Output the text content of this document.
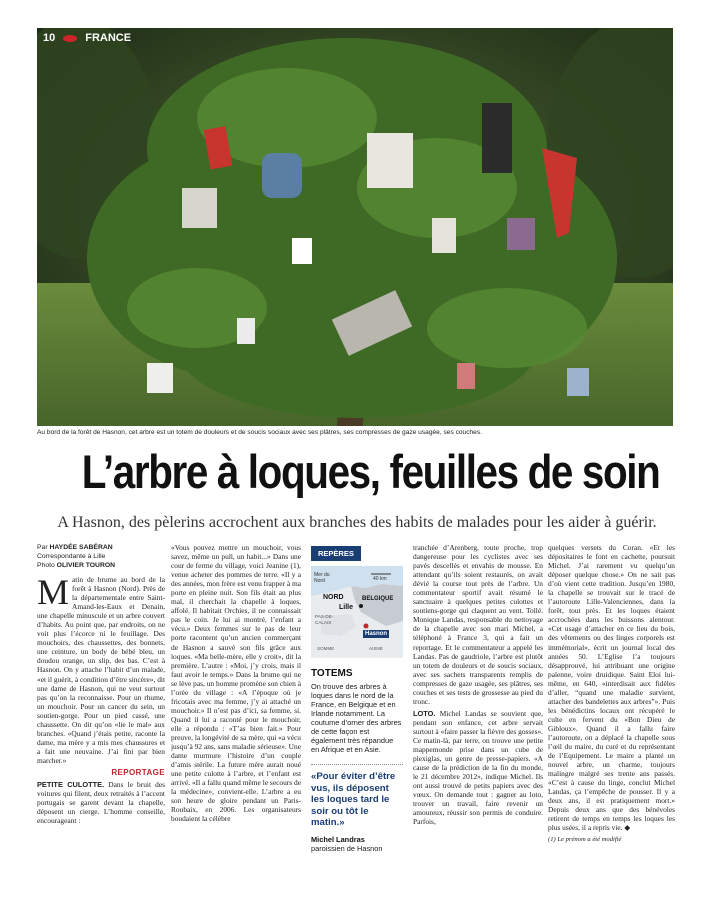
10	FRANCE
Au bord de la forêt de Hasnon, cet arbre est un totem de douleurs et de soucis sociaux avec ses plâtres, ses compresses de gaze usagée, ses couches.
L’arbre à loques, feuilles de soin
A Hasnon, des pèlerins accrochent aux branches des habits de malades pour les aider à guérir.
Par HAYDÉE SABÉRAN
Correspondante à Lille
Photo OLIVIER TOURON

M atin de brume au bord de la forêt à Hasnon (Nord). Près de la départementale entre Saint-Amand-les-Eaux et Denain, une chapelle minuscule et un arbre couvert d’habits. Au point que, par endroits, on ne voit plus l’écorce ni le feuillage. Des mouchoirs, des chaussettes, des bonnets, une ceinture, un body de bébé bleu, un doudou orange, un slip, des bas. C’est à Hasnon. On y attache l’habit d’un malade, «et il guérit, à condition d’être sincère», dit une dame de Hasnon, qui ne veut surtout pas qu’on la reconnaisse. Pour un rhume, un mouchoir. Pour un cancer du sein, un soutien-gorge. Pour un pied cassé, une chaussette. On dit qu’on «lie le mal» aux branches. «Quand j’étais petite, raconte la dame, ma mère y a mis mes chaussures et a fait une neuvaine. J’ai fini par bien marcher.»

REPORTAGE

PETITE CULOTTE. Dans le bruit des voitures qui filent, deux retraités à l’accent portugais se garent devant la chapelle, déposent un cierge. L’homme conseille, encourageant :

«Vous pouvez mettre un mouchoir, vous savez, même un pull, un habit...» Dans une cour de ferme du village, voici Jeanine (1), venue acheter des pommes de terre. «Il y a des années, mon frère est venu frapper à ma porte en pleine nuit. Son fils était au plus mal, il cherchait la chapelle à loques, affolé. Il habitait Orchies, il ne connaissait pas le coin. Je lui ai montré, l’enfant a vécu.» Deux femmes sur le pas de leur porte racontent qu’un ancien commerçant de Hasnon a sauvé son fils grâce aux loques. «Ma belle-mère, elle y croit», dit la première. L’autre : «Moi, j’y crois, mais il faut avoir le temps.» Dans la brume qui ne se lève pas, un homme promène son chien à l’orée du village : «A l’époque où je fricotais avec ma femme, j’y ai attaché un mouchoir.» Il n’est pas d’ici, sa femme, si. Quand il lui a raconté pour le mouchoir, elle a répondu : «T’as bien fait.» Pour preuve, la longévité de sa mère, qui «a vécu jusqu’à 92 ans, sans maladie sérieuse». Une dame murmure l’histoire d’un couple d’amis stérile. La future mère aurait noué une petite culotte à l’arbre, et l’enfant est arrivé. «Il a fallu quand même le secours de la médecine», convient-elle. L’arbre a eu son heure de gloire pendant un Paris-Roubaix, en 2006. Les organisateurs boudaient la célèbre

REPÈRES
Mer du Nord	40 km
NORD
Lille
BELGIQUE
PAS-DE-CALAIS
Hasnon
SOMME	AISNE
TOTEMS
On trouve des arbres à loques dans le nord de la France, en Belgique et en Irlande notamment. La coutume d’orner des arbres de cette façon est également très répandue en Afrique et en Asie.
«Pour éviter d’être vus, ils déposent les loques tard le soir ou tôt le matin.»
Michel Landras
paroissien de Hasnon

tranchée d’Arenberg, toute proche, trop dangereuse pour les cyclistes avec ses pavés descellés et envahis de mousse. En attendant qu’ils soient restaurés, on avait dévié la course tout près de l’arbre. Un commentateur sportif avait résumé le sanctuaire à quelques petites culottes et soutiens-gorge qui claquent au vent. Tollé. Monique Landas, responsable du nettoyage de la chapelle avec son mari Michel, a téléphoné à France 3, qui a fait un reportage. Et le commentateur a appelé les Landas. Pas de gaudriole, l’arbre est plutôt un totem de douleurs et de soucis sociaux, avec ses sachets transparents remplis de compresses de gaze usagée, ses plâtres, ses couches et ses tests de grossesse au pied du tronc.

LOTO. Michel Landas se souvient que, pendant son enfance, cet arbre servait surtout à «faire passer la fièvre des gosses». Ce matin-là, par terre, on trouve une petite mappemonde prise dans un cube de plexiglas, un genre de presse-papiers. «A cause de la prédiction de la fin du monde, le 21 décembre 2012», indique Michel. Ils ont aussi trouvé de petits papiers avec des vœux. On demande tout : gagner au loto, trouver un travail, faire revenir un amoureux, réussir son permis de conduire. Parfois,

quelques versets du Coran. «Et les dépositaires le font en cachette, poursuit Michel. J’ai rarement vu quelqu’un déposer quelque chose.» On ne sait pas d’où vient cette tradition. Jusqu’en 1980, la chapelle se trouvait sur le tracé de l’autoroute Lille-Valenciennes, dans la forêt, tout près. Et les loques étaient accrochées dans les buissons alentour. «Cet usage d’attacher en ce lieu du bois, des vêtements ou des linges corporels est immémorial», écrit un journal local des années 50. L’Eglise l’a toujours désapprouvé, lui attribuant une origine païenne, voire druidique. Saint Eloi lui-même, en 640, «interdisait aux fidèles d’aller, “quand une maladie survient, attacher des bandelettes aux arbres”». Puis les bénédictins locaux ont récupéré le culte en fervent du «Bon Dieu de Gibloux». Quand il a fallu faire l’autoroute, on a déplacé la chapelle sous l’œil du maire, du curé et du représentant de l’Equipement. Le maire a planté un nouvel arbre, un charme, toujours malingre malgré ses trente ans passés. «C’est à cause du linge, conclut Michel Landas, ça l’empêche de pousser. Il y a deux ans, il est pratiquement mort.» Depuis deux ans que des bénévoles retirent de temps en temps les loques les plus usées, il a repris vie. ◆

(1) Le prénom a été modifié
